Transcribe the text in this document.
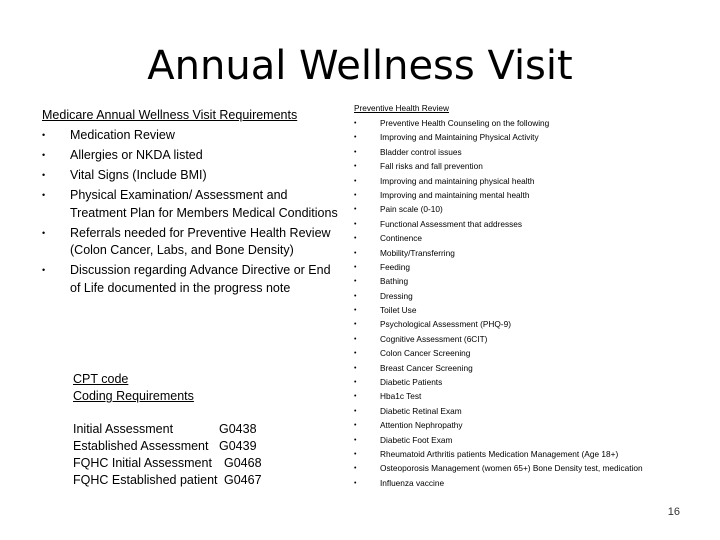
Annual Wellness Visit
Medicare Annual Wellness Visit Requirements
• Medication Review
• Allergies or NKDA listed
• Vital Signs (Include BMI)
• Physical Examination/ Assessment and Treatment Plan for Members Medical Conditions
• Referrals needed for Preventive Health Review (Colon Cancer, Labs, and Bone Density)
• Discussion regarding Advance Directive or End of Life documented in the progress note
CPT code
Coding Requirements
Initial Assessment	G0438
Established Assessment G0439
FQHC Initial Assessment G0468
FQHC Established patient G0467
Preventive Health Review
•	Preventive Health Counseling on the following
•	Improving and Maintaining Physical Activity
•	Bladder control issues
•	Fall risks and fall prevention
•	Improving and maintaining physical health
•	Improving and maintaining mental health
•	Pain scale (0-10)
•	Functional Assessment that addresses
•	Continence
•	Mobility/Transferring
•	Feeding
•	Bathing
•	Dressing
•	Toilet Use
•	Psychological Assessment (PHQ-9)
•	Cognitive Assessment (6CIT)
•	Colon Cancer Screening
•	Breast Cancer Screening
•	Diabetic Patients
•	Hba1c Test
•	Diabetic Retinal Exam
•	Attention Nephropathy
•	Diabetic Foot Exam
•	Rheumatoid Arthritis patients Medication Management (Age 18+)
•	Osteoporosis Management (women 65+) Bone Density test, medication
•	Influenza vaccine
16
